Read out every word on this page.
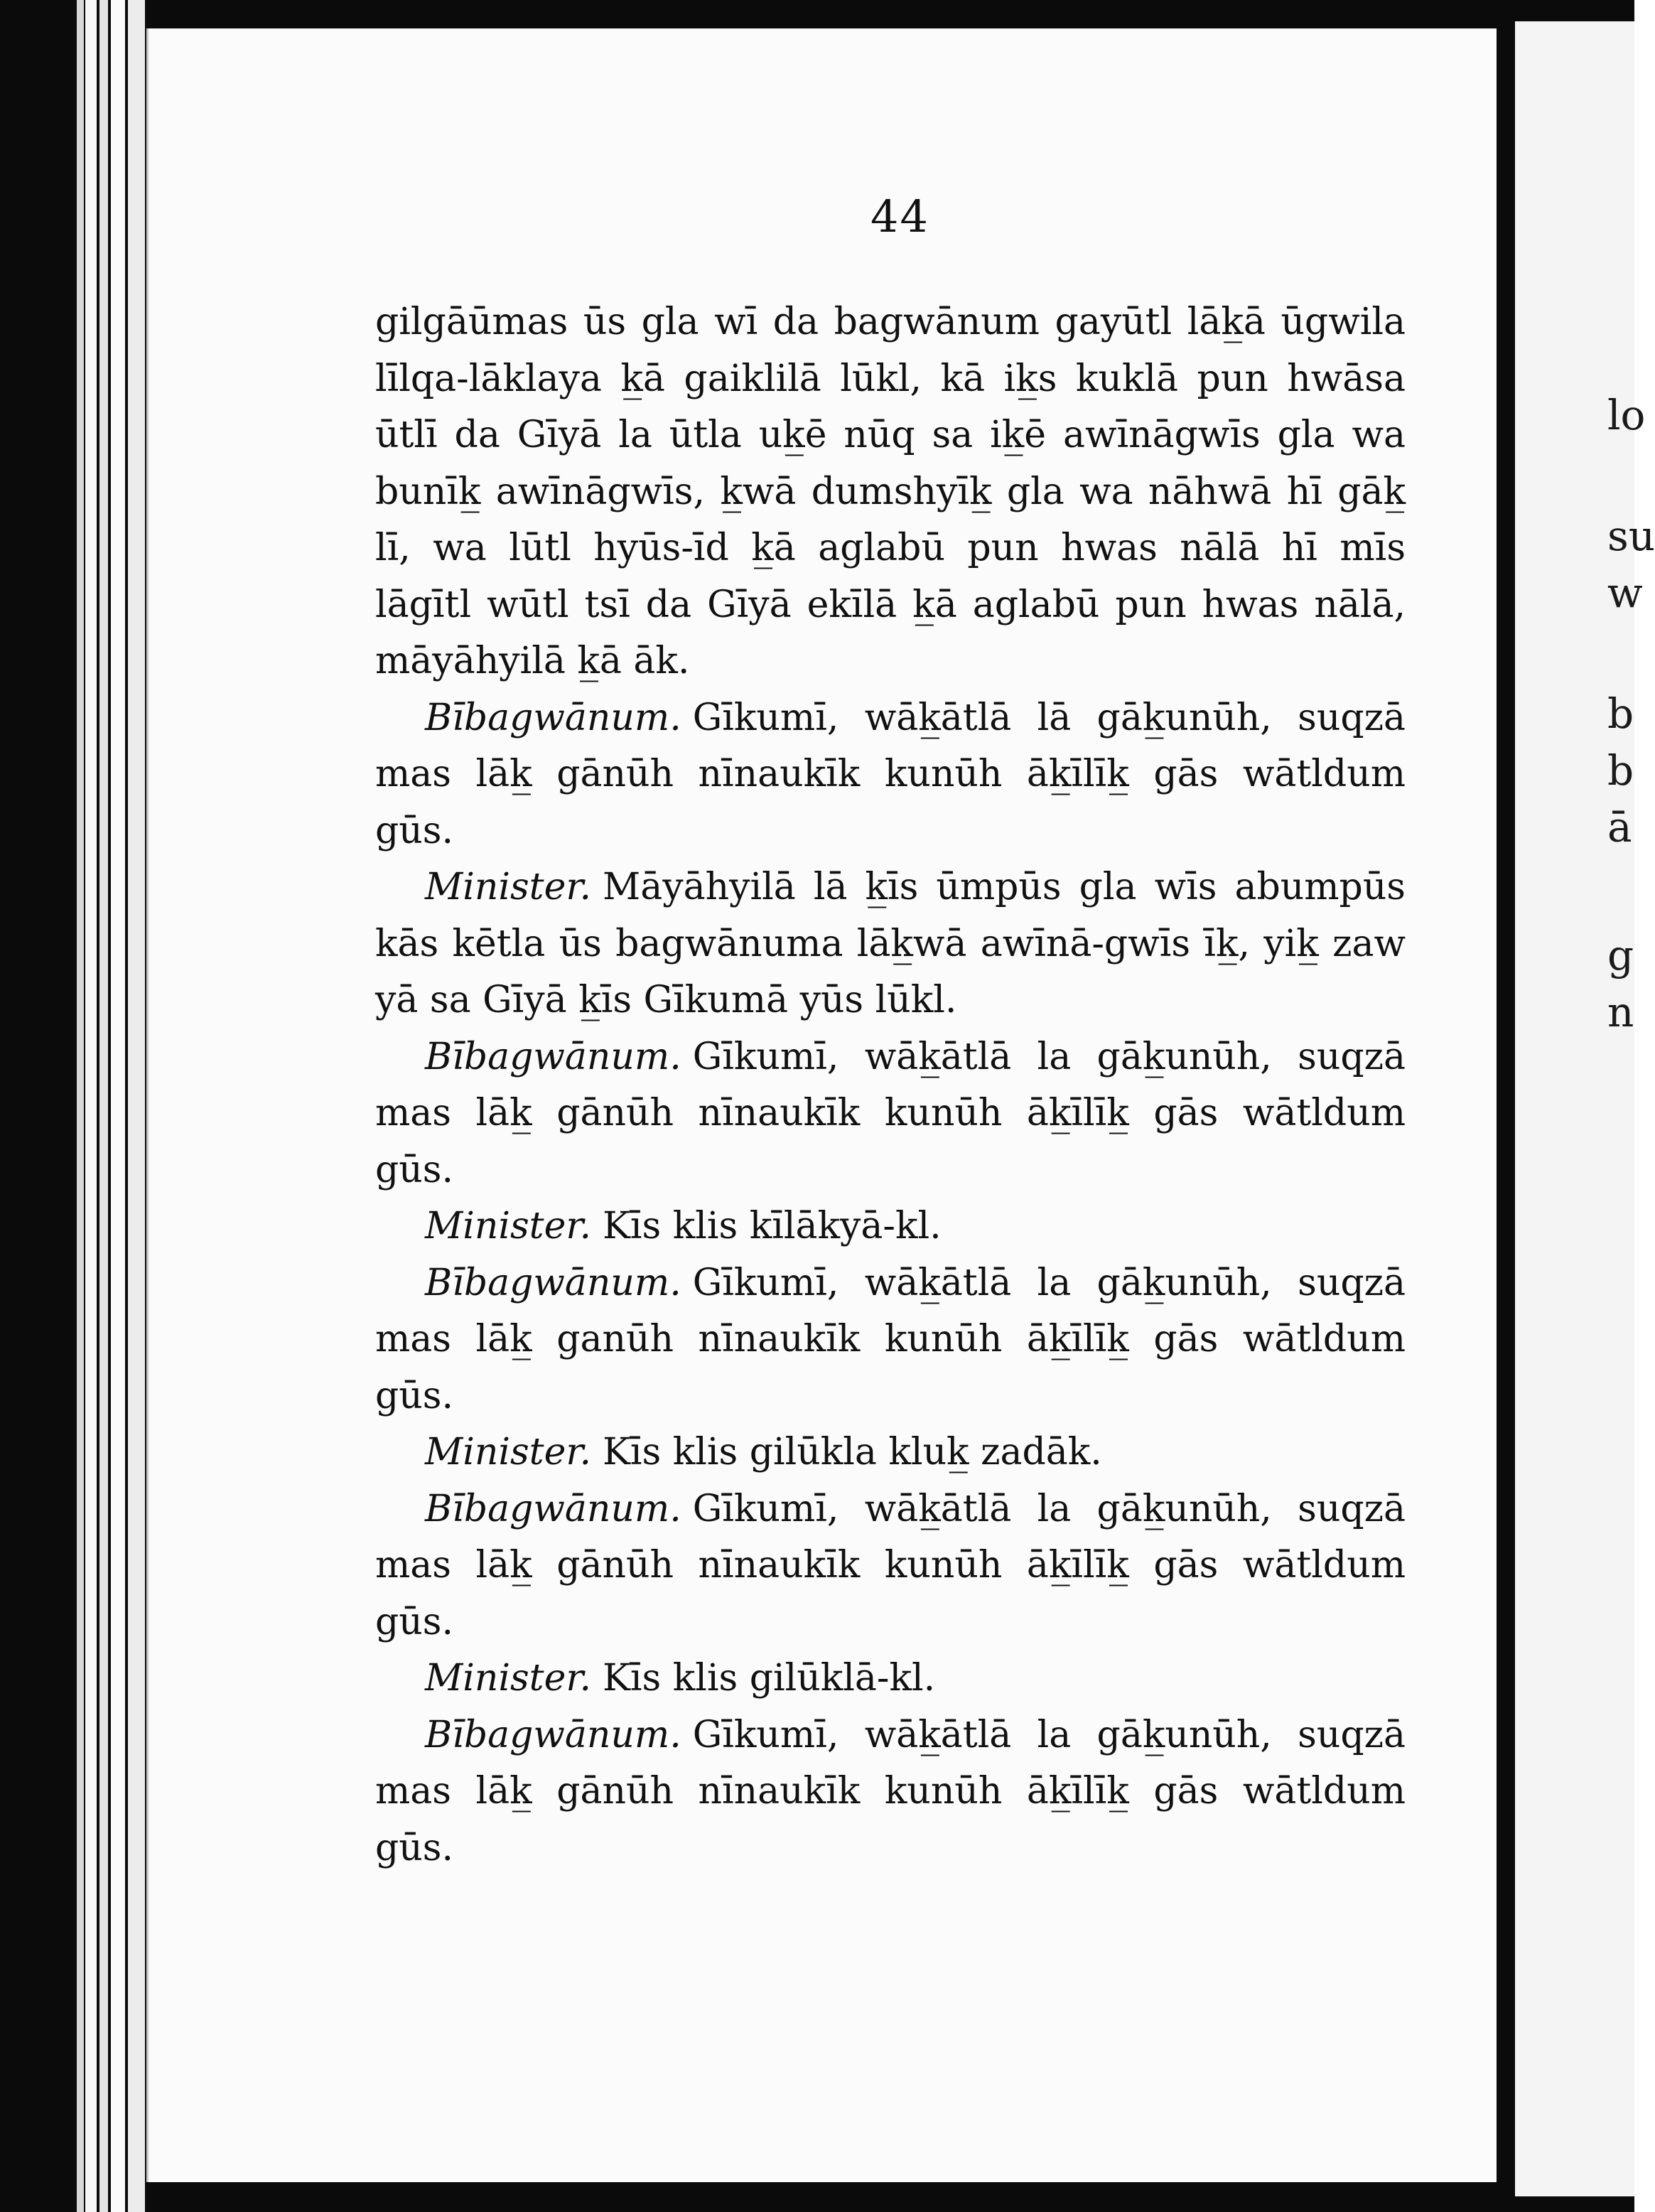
lo
su
w
b
b
ā
g
n
44

gilgāūmas ūs gla wī da bagwānum gayūtl lāk̲ā ūgwila līlqa-lāklaya k̲ā gaiklilā lūkl, kā ik̲s kuklā pun hwāsa ūtlī da Gīyā la ūtla uk̲ē nūq sa ik̲ē awīnāgwīs gla wa bunīk̲ awīnāgwīs, k̲wā dumshyīk̲ gla wa nāhwā hī gāk̲ lī, wa lūtl hyūs-īd k̲ā aglabū pun hwas nālā hī mīs lāgītl wūtl tsī da Gīyā ekīlā k̲ā aglabū pun hwas nālā, māyāhyilā k̲ā āk.

Bībagwānum. Gīkumī, wāk̲ātlā lā gāk̲unūh, suqzā mas lāk̲ gānūh nīnaukīk kunūh āk̲īlīk̲ gās wātldum gūs.

Minister. Māyāhyilā lā k̲īs ūmpūs gla wīs abumpūs kās kētla ūs bagwānuma lāk̲wā awīnā-gwīs īk̲, yik̲ zaw yā sa Gīyā k̲īs Gīkumā yūs lūkl.

Bībagwānum. Gīkumī, wāk̲ātlā la gāk̲unūh, suqzā mas lāk̲ gānūh nīnaukīk kunūh āk̲īlīk̲ gās wātldum gūs.

Minister. Kīs klis kīlākyā-kl.

Bībagwānum. Gīkumī, wāk̲ātlā la gāk̲unūh, suqzā mas lāk̲ ganūh nīnaukīk kunūh āk̲īlīk̲ gās wātldum gūs.

Minister. Kīs klis gilūkla kluk̲ zadāk.

Bībagwānum. Gīkumī, wāk̲ātlā la gāk̲unūh, suqzā mas lāk̲ gānūh nīnaukīk kunūh āk̲īlīk̲ gās wātldum gūs.

Minister. Kīs klis gilūklā-kl.

Bībagwānum. Gīkumī, wāk̲ātlā la gāk̲unūh, suqzā mas lāk̲ gānūh nīnaukīk kunūh āk̲īlīk̲ gās wātldum gūs.
